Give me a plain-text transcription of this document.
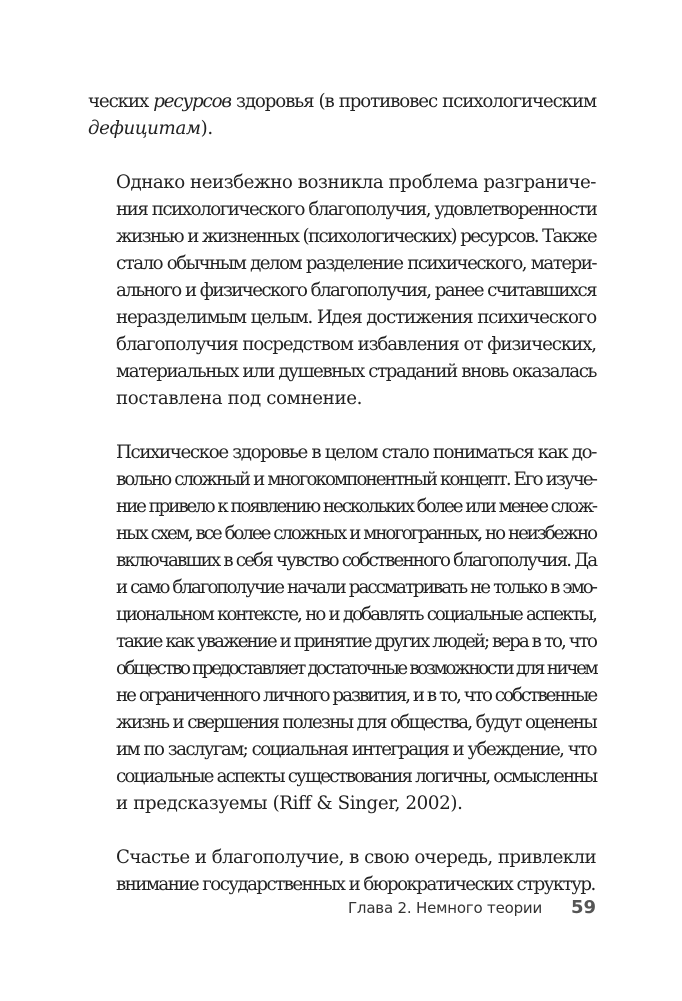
ческих ресурсов здоровья (в противовес психологическим
дефицитам).

Однако неизбежно возникла проблема разграниче-
ния психологического благополучия, удовлетворенности
жизнью и жизненных (психологических) ресурсов. Также
стало обычным делом разделение психического, матери-
ального и физического благополучия, ранее считавшихся
неразделимым целым. Идея достижения психического
благополучия посредством избавления от физических,
материальных или душевных страданий вновь оказалась
поставлена под сомнение.

Психическое здоровье в целом стало пониматься как до-
вольно сложный и многокомпонентный концепт. Его изуче-
ние привело к появлению нескольких более или менее слож-
ных схем, все более сложных и многогранных, но неизбежно
включавших в себя чувство собственного благополучия. Да
и само благополучие начали рассматривать не только в эмо-
циональном контексте, но и добавлять социальные аспекты,
такие как уважение и принятие других людей; вера в то, что
общество предоставляет достаточные возможности для ничем
не ограниченного личного развития, и в то, что собственные
жизнь и свершения полезны для общества, будут оценены
им по заслугам; социальная интеграция и убеждение, что
социальные аспекты существования логичны, осмысленны
и предсказуемы (Riff & Singer, 2002).

Счастье и благополучие, в свою очередь, привлекли
внимание государственных и бюрократических структур.

Глава 2. Немного теории 59
